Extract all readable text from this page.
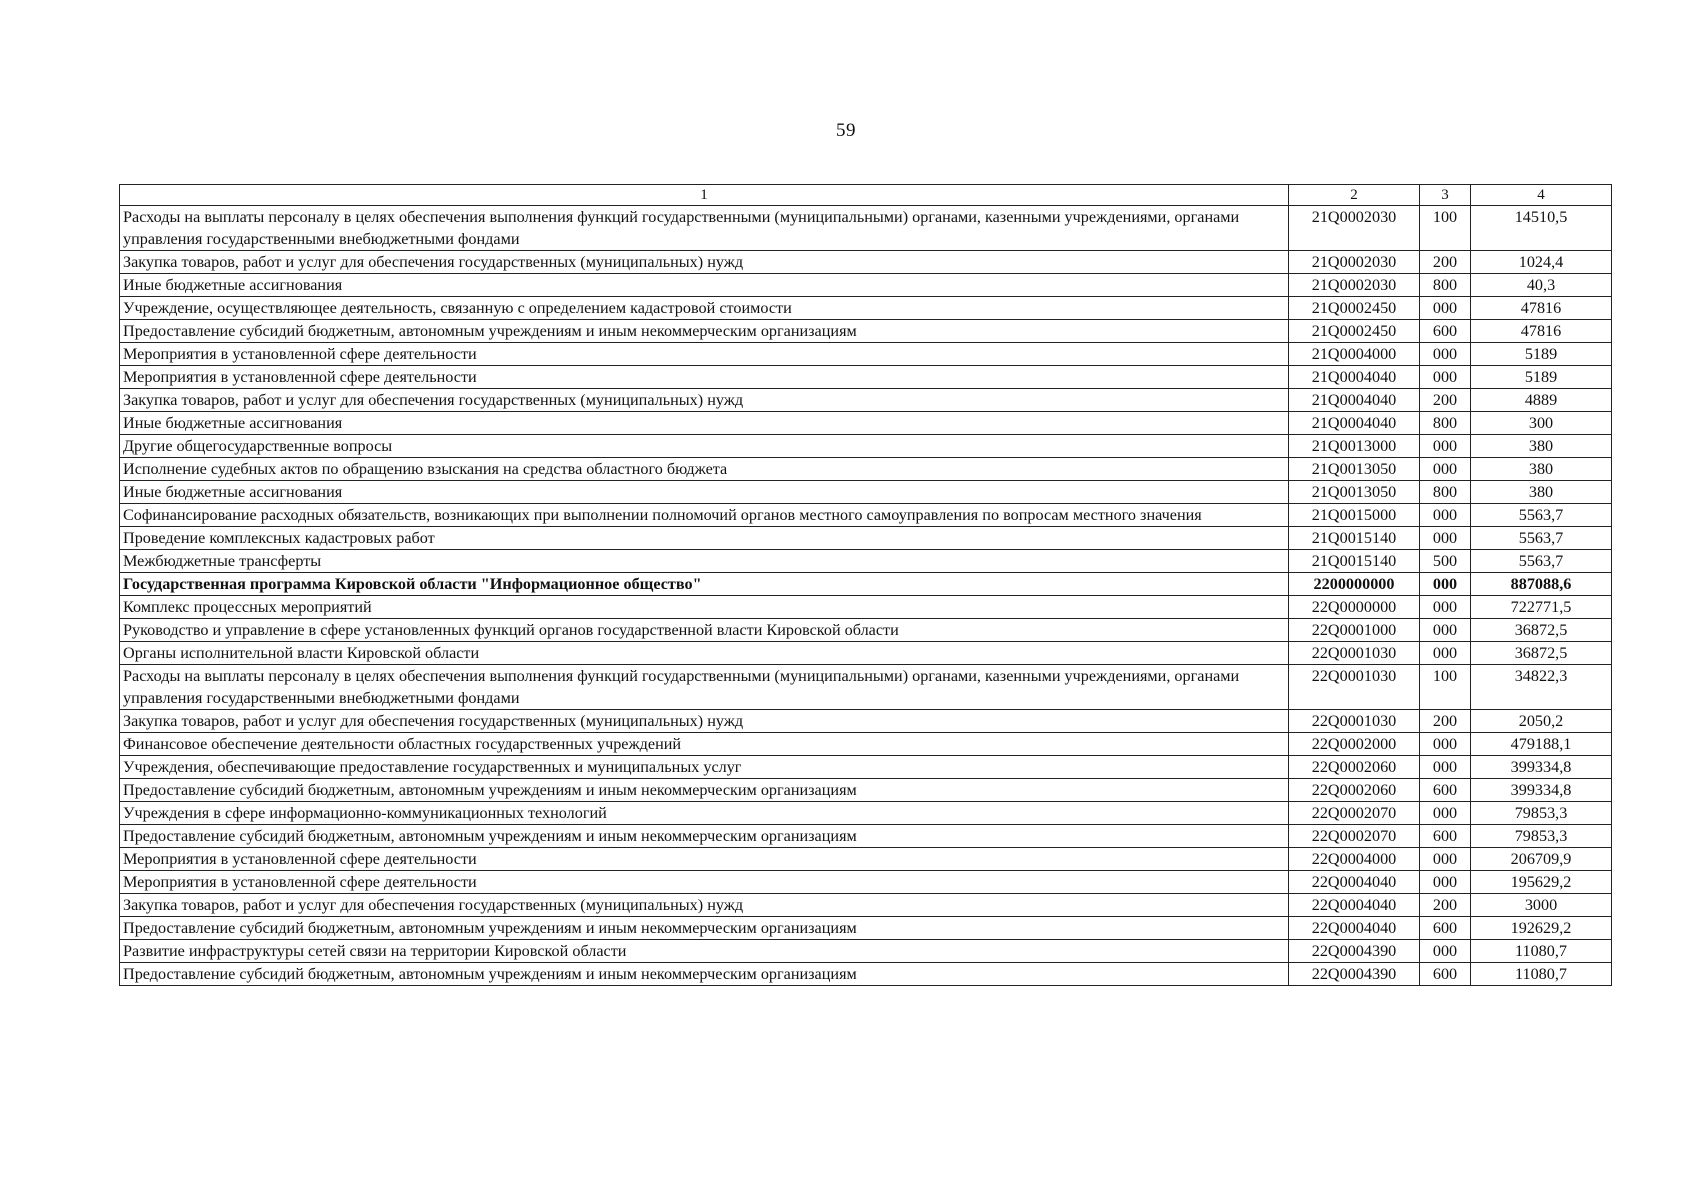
59
1	2	3	4
Расходы на выплаты персоналу в целях обеспечения выполнения функций государственными (муниципальными) органами, казенными учреждениями, органами управления государственными внебюджетными фондами	21Q0002030	100	14510,5
Закупка товаров, работ и услуг для обеспечения государственных (муниципальных) нужд	21Q0002030	200	1024,4
Иные бюджетные ассигнования	21Q0002030	800	40,3
Учреждение, осуществляющее деятельность, связанную с определением кадастровой стоимости	21Q0002450	000	47816
Предоставление субсидий бюджетным, автономным учреждениям и иным некоммерческим организациям	21Q0002450	600	47816
Мероприятия в установленной сфере деятельности	21Q0004000	000	5189
Мероприятия в установленной сфере деятельности	21Q0004040	000	5189
Закупка товаров, работ и услуг для обеспечения государственных (муниципальных) нужд	21Q0004040	200	4889
Иные бюджетные ассигнования	21Q0004040	800	300
Другие общегосударственные вопросы	21Q0013000	000	380
Исполнение судебных актов по обращению взыскания на средства областного бюджета	21Q0013050	000	380
Иные бюджетные ассигнования	21Q0013050	800	380
Софинансирование расходных обязательств, возникающих при выполнении полномочий органов местного самоуправления по вопросам местного значения	21Q0015000	000	5563,7
Проведение комплексных кадастровых работ	21Q0015140	000	5563,7
Межбюджетные трансферты	21Q0015140	500	5563,7
Государственная программа Кировской области "Информационное общество"	2200000000	000	887088,6
Комплекс процессных мероприятий	22Q0000000	000	722771,5
Руководство и управление в сфере установленных функций органов государственной власти Кировской области	22Q0001000	000	36872,5
Органы исполнительной власти Кировской области	22Q0001030	000	36872,5
Расходы на выплаты персоналу в целях обеспечения выполнения функций государственными (муниципальными) органами, казенными учреждениями, органами управления государственными внебюджетными фондами	22Q0001030	100	34822,3
Закупка товаров, работ и услуг для обеспечения государственных (муниципальных) нужд	22Q0001030	200	2050,2
Финансовое обеспечение деятельности областных государственных учреждений	22Q0002000	000	479188,1
Учреждения, обеспечивающие предоставление государственных и муниципальных услуг	22Q0002060	000	399334,8
Предоставление субсидий бюджетным, автономным учреждениям и иным некоммерческим организациям	22Q0002060	600	399334,8
Учреждения в сфере информационно-коммуникационных технологий	22Q0002070	000	79853,3
Предоставление субсидий бюджетным, автономным учреждениям и иным некоммерческим организациям	22Q0002070	600	79853,3
Мероприятия в установленной сфере деятельности	22Q0004000	000	206709,9
Мероприятия в установленной сфере деятельности	22Q0004040	000	195629,2
Закупка товаров, работ и услуг для обеспечения государственных (муниципальных) нужд	22Q0004040	200	3000
Предоставление субсидий бюджетным, автономным учреждениям и иным некоммерческим организациям	22Q0004040	600	192629,2
Развитие инфраструктуры сетей связи на территории Кировской области	22Q0004390	000	11080,7
Предоставление субсидий бюджетным, автономным учреждениям и иным некоммерческим организациям	22Q0004390	600	11080,7
